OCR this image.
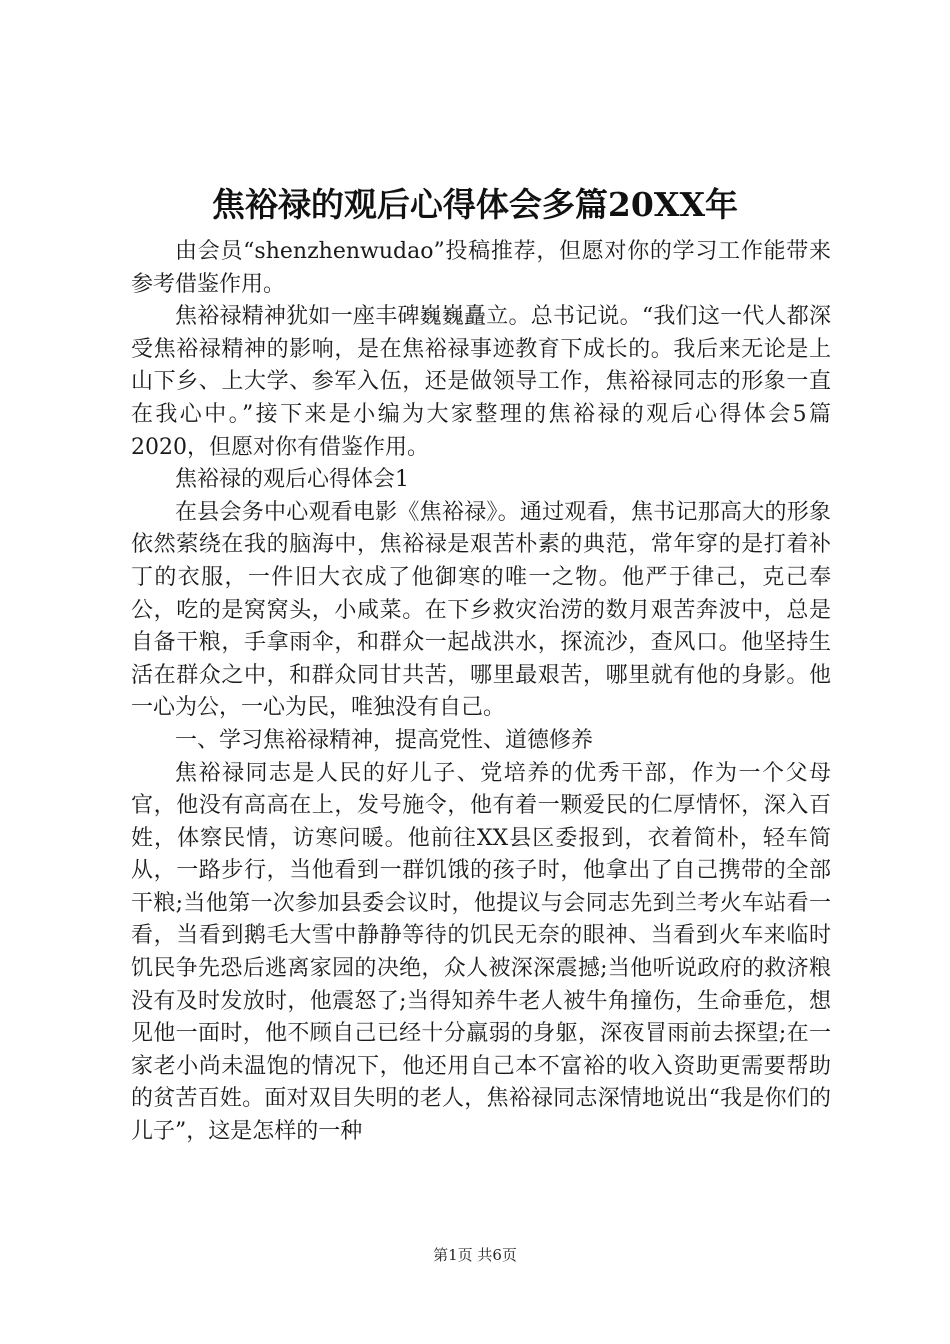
焦裕禄的观后心得体会多篇20XX年

由会员“shenzhenwudao”投稿推荐，但愿对你的学习工作能带来参考借鉴作用。

焦裕禄精神犹如一座丰碑巍巍矗立。总书记说。“我们这一代人都深受焦裕禄精神的影响，是在焦裕禄事迹教育下成长的。我后来无论是上山下乡、上大学、参军入伍，还是做领导工作，焦裕禄同志的形象一直在我心中。”接下来是小编为大家整理的焦裕禄的观后心得体会5篇2020，但愿对你有借鉴作用。

焦裕禄的观后心得体会1

在县会务中心观看电影《焦裕禄》。通过观看，焦书记那高大的形象依然萦绕在我的脑海中，焦裕禄是艰苦朴素的典范，常年穿的是打着补丁的衣服，一件旧大衣成了他御寒的唯一之物。他严于律己，克己奉公，吃的是窝窝头，小咸菜。在下乡救灾治涝的数月艰苦奔波中，总是自备干粮，手拿雨伞，和群众一起战洪水，探流沙，查风口。他坚持生活在群众之中，和群众同甘共苦，哪里最艰苦，哪里就有他的身影。他一心为公，一心为民，唯独没有自己。

一、学习焦裕禄精神，提高党性、道德修养

焦裕禄同志是人民的好儿子、党培养的优秀干部，作为一个父母官，他没有高高在上，发号施令，他有着一颗爱民的仁厚情怀，深入百姓，体察民情，访寒问暖。他前往XX县区委报到，衣着简朴，轻车简从，一路步行，当他看到一群饥饿的孩子时，他拿出了自己携带的全部干粮;当他第一次参加县委会议时，他提议与会同志先到兰考火车站看一看，当看到鹅毛大雪中静静等待的饥民无奈的眼神、当看到火车来临时饥民争先恐后逃离家园的决绝，众人被深深震撼;当他听说政府的救济粮没有及时发放时，他震怒了;当得知养牛老人被牛角撞伤，生命垂危，想见他一面时，他不顾自己已经十分羸弱的身躯，深夜冒雨前去探望;在一家老小尚未温饱的情况下，他还用自己本不富裕的收入资助更需要帮助的贫苦百姓。面对双目失明的老人，焦裕禄同志深情地说出“我是你们的儿子”，这是怎样的一种

第1页 共6页
